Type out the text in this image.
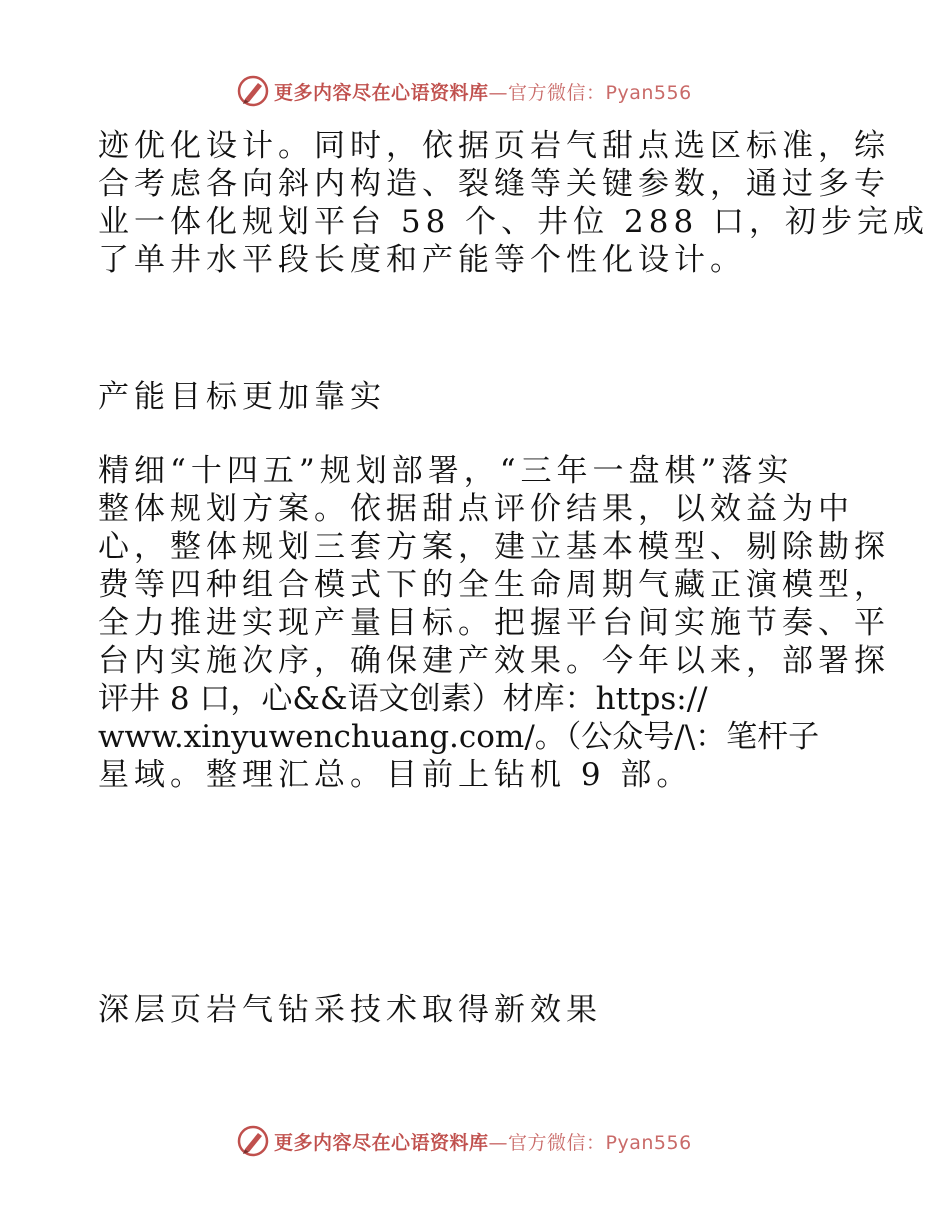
更多内容尽在心语资料库—官方微信：Pyan556
迹优化设计。同时，依据页岩气甜点选区标准，综
合考虑各向斜内构造、裂缝等关键参数，通过多专
业一体化规划平台 58 个、井位 288 口，初步完成
了单井水平段长度和产能等个性化设计。
产能目标更加靠实
精细“十四五”规划部署，“三年一盘棋”落实
整体规划方案。依据甜点评价结果，以效益为中
心，整体规划三套方案，建立基本模型、剔除勘探
费等四种组合模式下的全生命周期气藏正演模型，
全力推进实现产量目标。把握平台间实施节奏、平
台内实施次序，确保建产效果。今年以来，部署探
评井 8 口，心&&语文创素）材库：https://
www.xinyuwenchuang.com/。（公众号/\：笔杆子
星域。整理汇总。目前上钻机 9 部。
深层页岩气钻采技术取得新效果
更多内容尽在心语资料库—官方微信：Pyan556
